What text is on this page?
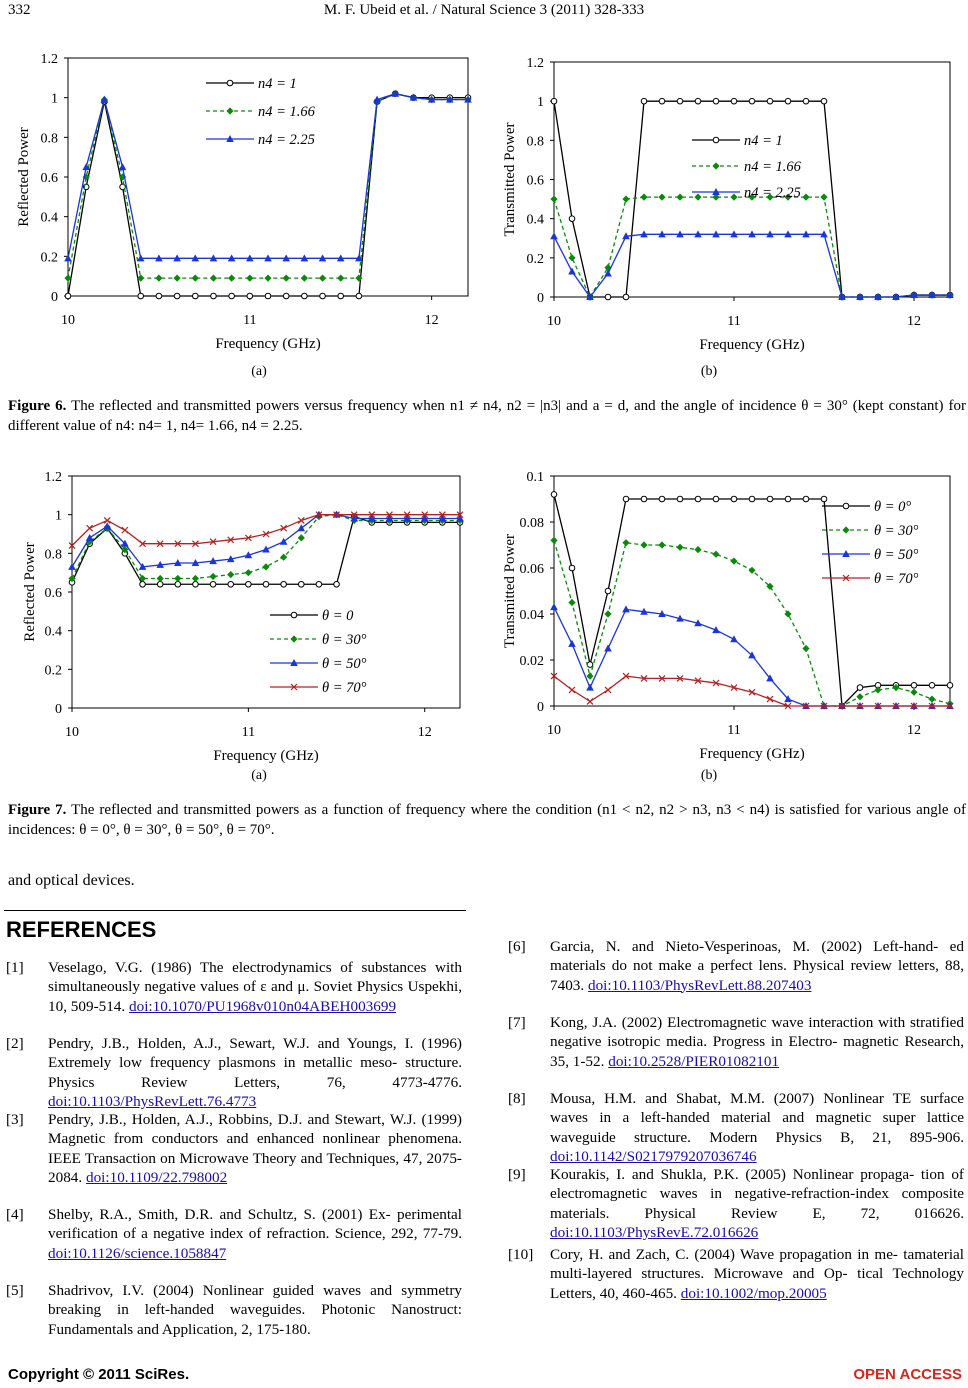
332	M. F. Ubeid et al. / Natural Science 3 (2011) 328-333
0
0.2
0.4
0.6
0.8
1
1.2
10	11	12
Frequency (GHz)
Reflected Power
n4 = 1
n4 = 1.66
n4 = 2.25
0
0.2
0.4
0.6
0.8
1
1.2
10	11	12
Frequency (GHz)
Transmitted Power	n4 = 1
n4 = 1.66
n4 = 2.25
(a)	(b)
Figure 6. The reflected and transmitted powers versus frequency when n1 ≠ n4, n2 = |n3| and a = d, and the angle of incidence θ = 30° (kept constant) for different value of n4: n4= 1, n4= 1.66, n4 = 2.25.
0
0.2
0.4
0.6
0.8
1
1.2
10	11	12
Frequency (GHz)
Reflected Power	θ = 0
θ = 30°
θ = 50°
θ = 70°
0
0.02
0.04
0.06
0.08
0.1
10	11	12
Frequency (GHz)
Transmitted Power
θ = 0°
θ = 30°
θ = 50°
θ = 70°
(a)	(b)
Figure 7. The reflected and transmitted powers as a function of frequency where the condition (n1 < n2, n2 > n3, n3 < n4) is satisfied for various angle of incidences: θ = 0°, θ = 30°, θ = 50°, θ = 70°.
and optical devices.
REFERENCES
[1] Veselago, V.G. (1986) The electrodynamics of substances with simultaneously negative values of ε and μ. Soviet Physics Uspekhi, 10, 509-514. doi:10.1070/PU1968v010n04ABEH003699
[2] Pendry, J.B., Holden, A.J., Sewart, W.J. and Youngs, I. (1996) Extremely low frequency plasmons in metallic meso- structure. Physics Review Letters, 76, 4773-4776. doi:10.1103/PhysRevLett.76.4773
[3] Pendry, J.B., Holden, A.J., Robbins, D.J. and Stewart, W.J. (1999) Magnetic from conductors and enhanced nonlinear phenomena. IEEE Transaction on Microwave Theory and Techniques, 47, 2075-2084. doi:10.1109/22.798002
[4] Shelby, R.A., Smith, D.R. and Schultz, S. (2001) Ex- perimental verification of a negative index of refraction. Science, 292, 77-79. doi:10.1126/science.1058847
[5] Shadrivov, I.V. (2004) Nonlinear guided waves and symmetry breaking in left-handed waveguides. Photonic Nanostruct: Fundamentals and Application, 2, 175-180.
[6] Garcia, N. and Nieto-Vesperinoas, M. (2002) Left-hand- ed materials do not make a perfect lens. Physical review letters, 88, 7403. doi:10.1103/PhysRevLett.88.207403
[7] Kong, J.A. (2002) Electromagnetic wave interaction with stratified negative isotropic media. Progress in Electro- magnetic Research, 35, 1-52. doi:10.2528/PIER01082101
[8] Mousa, H.M. and Shabat, M.M. (2007) Nonlinear TE surface waves in a left-handed material and magnetic super lattice waveguide structure. Modern Physics B, 21, 895-906. doi:10.1142/S0217979207036746
[9] Kourakis, I. and Shukla, P.K. (2005) Nonlinear propaga- tion of electromagnetic waves in negative-refraction-index composite materials. Physical Review E, 72, 016626. doi:10.1103/PhysRevE.72.016626
[10] Cory, H. and Zach, C. (2004) Wave propagation in me- tamaterial multi-layered structures. Microwave and Op- tical Technology Letters, 40, 460-465. doi:10.1002/mop.20005
Copyright © 2011 SciRes.	OPEN ACCESS
